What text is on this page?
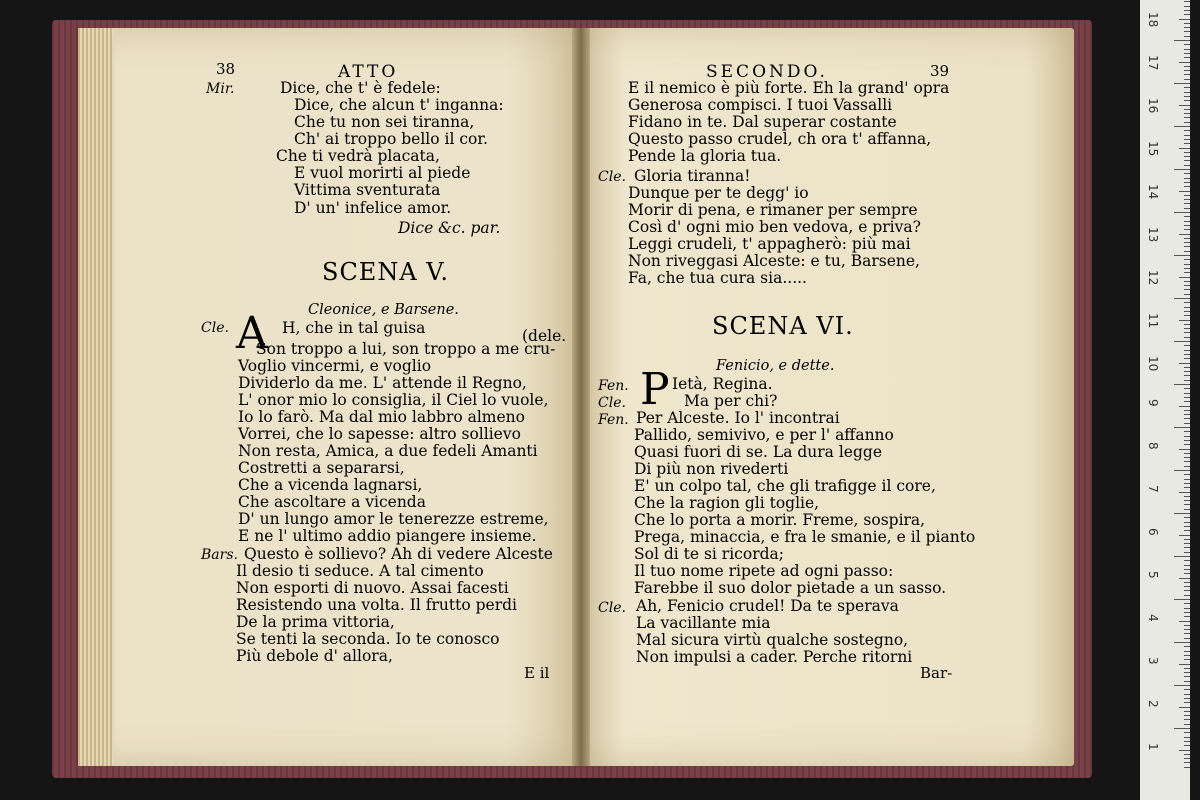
38	ATTO
Mir.	Dice, che t' è fedele:
Dice, che alcun t' inganna:
Che tu non sei tiranna,
Ch' ai troppo bello il cor.
Che ti vedrà placata,
E vuol morirti al piede
Vittima sventurata
D' un' infelice amor.
Dice &c. par.
SCENA V.
Cleonice, e Barsene.
Cle. A H, che in tal guisa	(dele.
Son troppo a lui, son troppo a me cru-
Voglio vincermi, e voglio
Dividerlo da me. L' attende il Regno,
L' onor mio lo consiglia, il Ciel lo vuole,
Io lo farò. Ma dal mio labbro almeno
Vorrei, che lo sapesse: altro sollievo
Non resta, Amica, a due fedeli Amanti
Costretti a separarsi,
Che a vicenda lagnarsi,
Che ascoltare a vicenda
D' un lungo amor le tenerezze estreme,
E ne l' ultimo addio piangere insieme.
Bars. Questo è sollievo? Ah di vedere Alceste
Il desio ti seduce. A tal cimento
Non esporti di nuovo. Assai facesti
Resistendo una volta. Il frutto perdi
De la prima vittoria,
Se tenti la seconda. Io te conosco
Più debole d' allora,
E il
SECONDO.	39
E il nemico è più forte. Eh la grand' opra
Generosa compisci. I tuoi Vassalli
Fidano in te. Dal superar costante
Questo passo crudel, ch ora t' affanna,
Pende la gloria tua.
Cle. Gloria tiranna!
Dunque per te degg' io
Morir di pena, e rimaner per sempre
Così d' ogni mio ben vedova, e priva?
Leggi crudeli, t' appagherò: più mai
Non riveggasi Alceste: e tu, Barsene,
Fa, che tua cura sia.....
SCENA VI.
Fenicio, e dette.
Fen. P Ietà, Regina.
Cle.	Ma per chi?
Fen. Per Alceste. Io l' incontrai
Pallido, semivivo, e per l' affanno
Quasi fuori di se. La dura legge
Di più non rivederti
E' un colpo tal, che gli trafigge il core,
Che la ragion gli toglie,
Che lo porta a morir. Freme, sospira,
Prega, minaccia, e fra le smanie, e il pianto
Sol di te si ricorda;
Il tuo nome ripete ad ogni passo:
Farebbe il suo dolor pietade a un sasso.
Cle. Ah, Fenicio crudel! Da te sperava
La vacillante mia
Mal sicura virtù qualche sostegno,
Non impulsi a cader. Perche ritorni
Bar-
18
17
16
15
14
13
12
11
10
9
8
7
6
5
4
3
2
1
